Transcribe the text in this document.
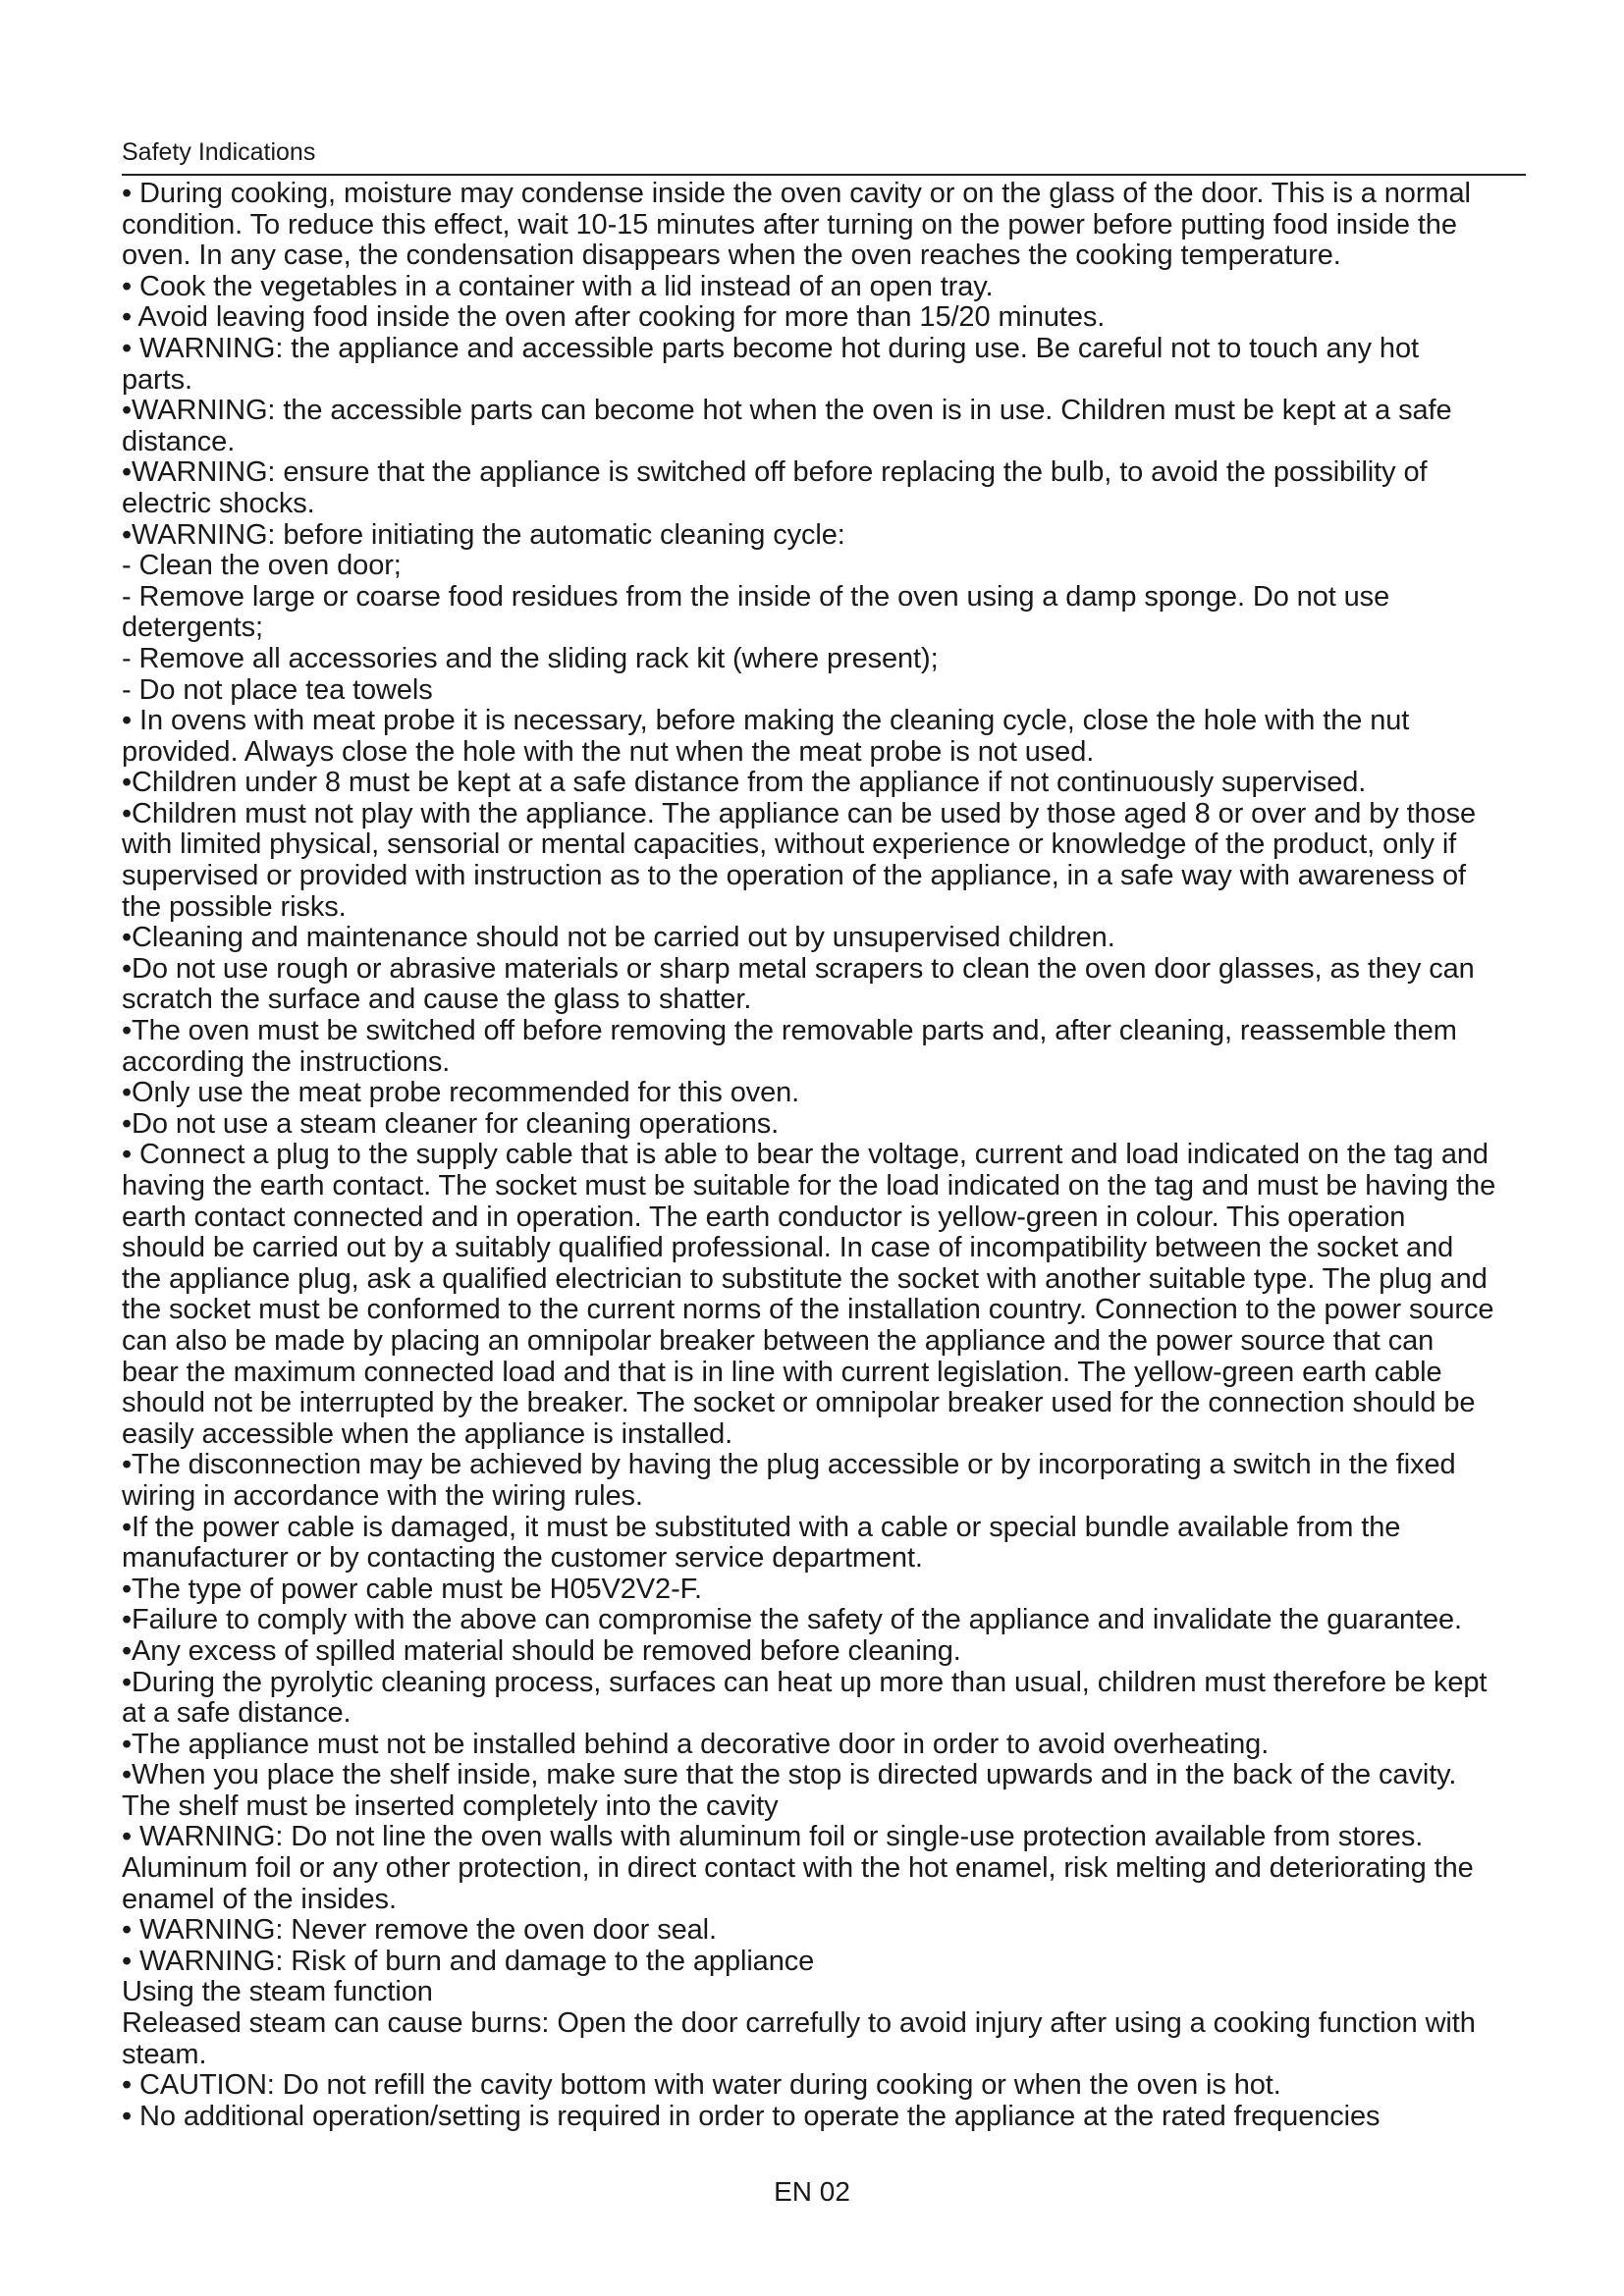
Safety Indications
• During cooking, moisture may condense inside the oven cavity or on the glass of the door. This is a normal
condition. To reduce this effect, wait 10-15 minutes after turning on the power before putting food inside the
oven. In any case, the condensation disappears when the oven reaches the cooking temperature.
• Cook the vegetables in a container with a lid instead of an open tray.
• Avoid leaving food inside the oven after cooking for more than 15/20 minutes.
• WARNING: the appliance and accessible parts become hot during use. Be careful not to touch any hot
parts.
•WARNING: the accessible parts can become hot when the oven is in use. Children must be kept at a safe
distance.
•WARNING: ensure that the appliance is switched off before replacing the bulb, to avoid the possibility of
electric shocks.
•WARNING: before initiating the automatic cleaning cycle:
- Clean the oven door;
- Remove large or coarse food residues from the inside of the oven using a damp sponge. Do not use
detergents;
- Remove all accessories and the sliding rack kit (where present);
- Do not place tea towels
• In ovens with meat probe it is necessary, before making the cleaning cycle, close the hole with the nut
provided. Always close the hole with the nut when the meat probe is not used.
•Children under 8 must be kept at a safe distance from the appliance if not continuously supervised.
•Children must not play with the appliance. The appliance can be used by those aged 8 or over and by those
with limited physical, sensorial or mental capacities, without experience or knowledge of the product, only if
supervised or provided with instruction as to the operation of the appliance, in a safe way with awareness of
the possible risks.
•Cleaning and maintenance should not be carried out by unsupervised children.
•Do not use rough or abrasive materials or sharp metal scrapers to clean the oven door glasses, as they can
scratch the surface and cause the glass to shatter.
•The oven must be switched off before removing the removable parts and, after cleaning, reassemble them
according the instructions.
•Only use the meat probe recommended for this oven.
•Do not use a steam cleaner for cleaning operations.
• Connect a plug to the supply cable that is able to bear the voltage, current and load indicated on the tag and
having the earth contact. The socket must be suitable for the load indicated on the tag and must be having the
earth contact connected and in operation. The earth conductor is yellow-green in colour. This operation
should be carried out by a suitably qualified professional. In case of incompatibility between the socket and
the appliance plug, ask a qualified electrician to substitute the socket with another suitable type. The plug and
the socket must be conformed to the current norms of the installation country. Connection to the power source
can also be made by placing an omnipolar breaker between the appliance and the power source that can
bear the maximum connected load and that is in line with current legislation. The yellow-green earth cable
should not be interrupted by the breaker. The socket or omnipolar breaker used for the connection should be
easily accessible when the appliance is installed.
•The disconnection may be achieved by having the plug accessible or by incorporating a switch in the fixed
wiring in accordance with the wiring rules.
•If the power cable is damaged, it must be substituted with a cable or special bundle available from the
manufacturer or by contacting the customer service department.
•The type of power cable must be H05V2V2-F.
•Failure to comply with the above can compromise the safety of the appliance and invalidate the guarantee.
•Any excess of spilled material should be removed before cleaning.
•During the pyrolytic cleaning process, surfaces can heat up more than usual, children must therefore be kept
at a safe distance.
•The appliance must not be installed behind a decorative door in order to avoid overheating.
•When you place the shelf inside, make sure that the stop is directed upwards and in the back of the cavity.
The shelf must be inserted completely into the cavity
• WARNING: Do not line the oven walls with aluminum foil or single-use protection available from stores.
Aluminum foil or any other protection, in direct contact with the hot enamel, risk melting and deteriorating the
enamel of the insides.
• WARNING: Never remove the oven door seal.
• WARNING: Risk of burn and damage to the appliance
Using the steam function
Released steam can cause burns: Open the door carrefully to avoid injury after using a cooking function with
steam.
• CAUTION: Do not refill the cavity bottom with water during cooking or when the oven is hot.
• No additional operation/setting is required in order to operate the appliance at the rated frequencies
EN 02
